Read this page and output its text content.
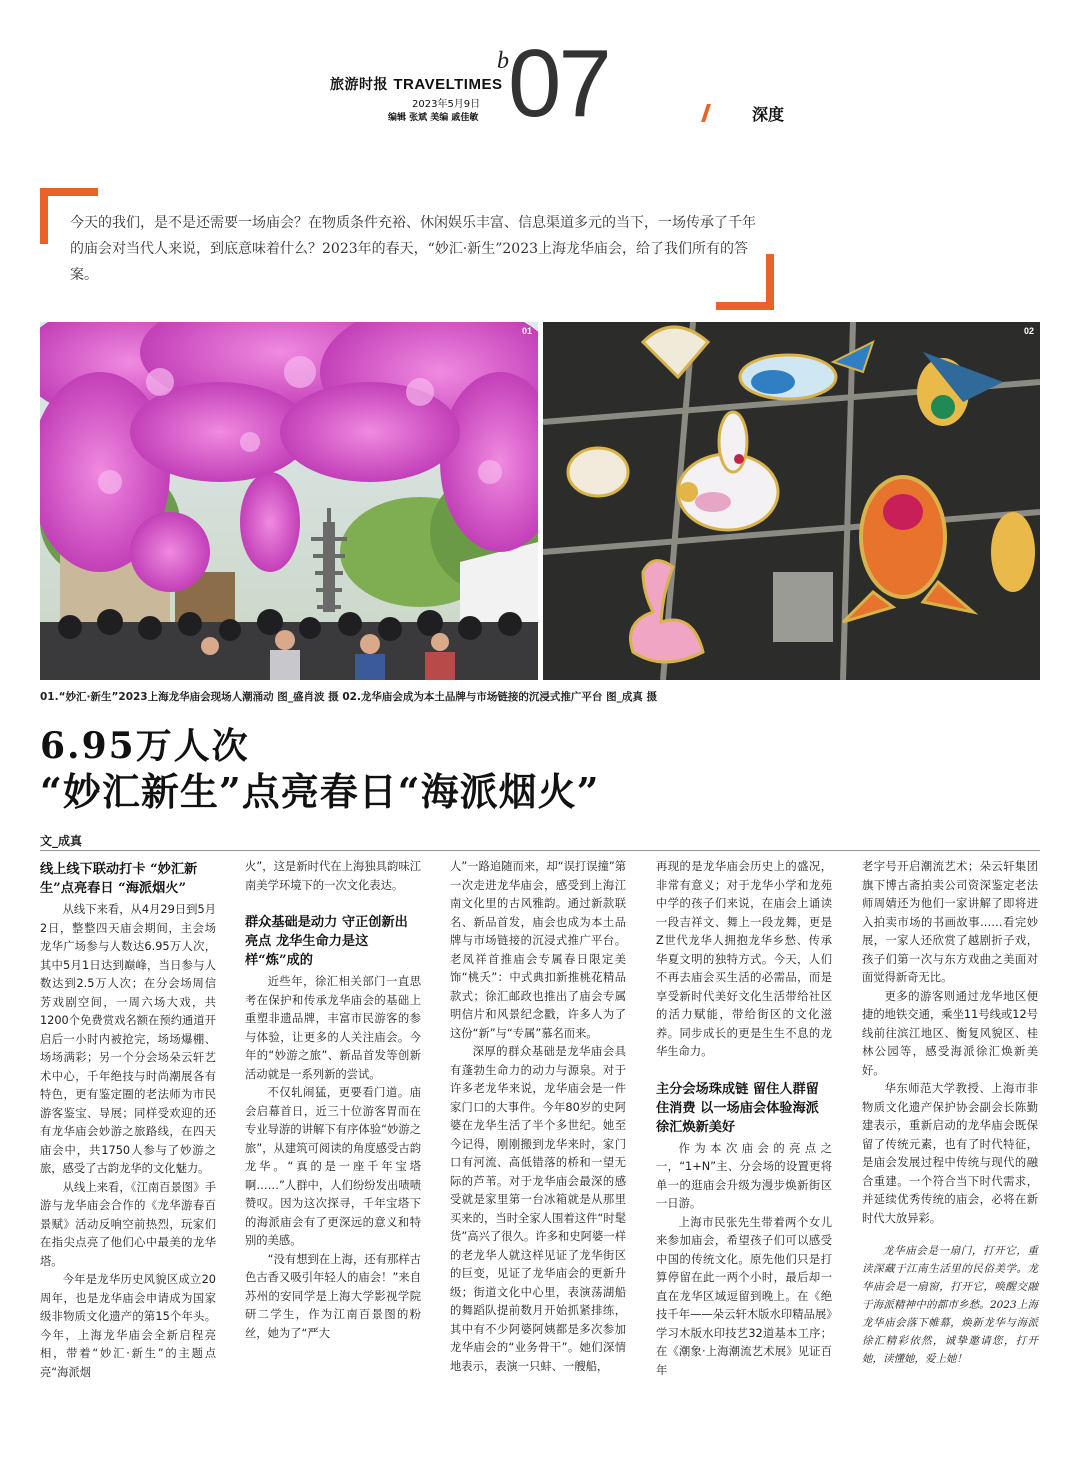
旅游时报 TRAVELTIMES
2023年5月9日
编辑 张斌 美编 戚佳敏
b 07	深度
今天的我们，是不是还需要一场庙会？在物质条件充裕、休闲娱乐丰富、信息渠道多元的当下，一场传承了千年的庙会对当代人来说，到底意味着什么？2023年的春天，“妙汇·新生”2023上海龙华庙会，给了我们所有的答案。
01	02
01.“妙汇·新生”2023上海龙华庙会现场人潮涌动 图_盛肖波 摄 02.龙华庙会成为本土品牌与市场链接的沉浸式推广平台 图_成真 摄
6.95万人次
“妙汇新生”点亮春日“海派烟火”
文_成真
线上线下联动打卡 “妙汇新生”点亮春日 “海派烟火”

从线下来看，从4月29日到5月2日，整整四天庙会期间，主会场龙华广场参与人数达6.95万人次，其中5月1日达到巅峰，当日参与人数达到2.5万人次；在分会场周信芳戏剧空间，一周六场大戏，共1200个免费赏戏名额在预约通道开启后一小时内被抢完，场场爆棚、场场满彩；另一个分会场朵云轩艺术中心，千年绝技与时尚潮展各有特色，更有鉴定圈的老法师为市民游客鉴宝、导展；同样受欢迎的还有龙华庙会妙游之旅路线，在四天庙会中，共1750人参与了妙游之旅，感受了古韵龙华的文化魅力。

从线上来看，《江南百景图》手游与龙华庙会合作的《龙华游春百景赋》活动反响空前热烈，玩家们在指尖点亮了他们心中最美的龙华塔。

今年是龙华历史风貌区成立20周年，也是龙华庙会申请成为国家级非物质文化遗产的第15个年头。今年，上海龙华庙会全新启程亮相，带着“妙汇·新生”的主题点亮“海派烟

火”，这是新时代在上海独具韵味江南美学环境下的一次文化表达。

群众基础是动力 守正创新出亮点 龙华生命力是这样“炼”成的

近些年，徐汇相关部门一直思考在保护和传承龙华庙会的基础上重塑非遗品牌，丰富市民游客的参与体验，让更多的人关注庙会。今年的“妙游之旅”、新品首发等创新活动就是一系列新的尝试。

不仅轧闹猛，更要看门道。庙会启幕首日，近三十位游客胃而在专业导游的讲解下有序体验“妙游之旅”，从建筑可阅读的角度感受古韵龙华。“真的是一座千年宝塔啊……”人群中，人们纷纷发出啧啧赞叹。因为这次探寻，千年宝塔下的海派庙会有了更深远的意义和特别的美感。

“没有想到在上海，还有那样古色古香又吸引年轻人的庙会！”来自苏州的安同学是上海大学影视学院研二学生，作为江南百景图的粉丝，她为了“严大

人”一路追随而来，却“误打误撞”第一次走进龙华庙会，感受到上海江南文化里的古风雅韵。通过新款联名、新品首发，庙会也成为本土品牌与市场链接的沉浸式推广平台。老凤祥首推庙会专属春日限定美饰“桃夭”：中式典扣新推桃花精品款式；徐汇邮政也推出了庙会专属明信片和风景纪念戳，许多人为了这份“新”与“专属”慕名而来。

深厚的群众基础是龙华庙会具有蓬勃生命力的动力与源泉。对于许多老龙华来说，龙华庙会是一件家门口的大事件。今年80岁的史阿婆在龙华生活了半个多世纪。她至今记得，刚刚搬到龙华来时，家门口有河流、高低错落的桥和一望无际的芦苇。对于龙华庙会最深的感受就是家里第一台冰箱就是从那里买来的，当时全家人围着这件“时髦货”高兴了很久。许多和史阿婆一样的老龙华人就这样见证了龙华街区的巨变，见证了龙华庙会的更新升级；街道文化中心里，表演荡湖船的舞蹈队提前数月开始抓紧排练，其中有不少阿婆阿姨都是多次参加龙华庙会的“业务骨干”。她们深情地表示，表演一只蚌、一艘船，

再现的是龙华庙会历史上的盛况，非常有意义；对于龙华小学和龙苑中学的孩子们来说，在庙会上诵读一段吉祥文、舞上一段龙舞，更是Z世代龙华人拥抱龙华乡愁、传承华夏文明的独特方式。今天，人们不再去庙会买生活的必需品，而是享受新时代美好文化生活带给社区的活力赋能，带给街区的文化滋养。同步成长的更是生生不息的龙华生命力。

主分会场珠成链 留住人群留住消费 以一场庙会体验海派徐汇焕新美好

作为本次庙会的亮点之一，“1+N”主、分会场的设置更将单一的逛庙会升级为漫步焕新街区一日游。

上海市民张先生带着两个女儿来参加庙会，希望孩子们可以感受中国的传统文化。原先他们只是打算停留在此一两个小时，最后却一直在龙华区域逗留到晚上。在《绝技千年——朵云轩木版水印精品展》学习木版水印技艺32道基本工序；在《潮象·上海潮流艺术展》见证百年

老字号开启潮流艺术；朵云轩集团旗下博古斋拍卖公司资深鉴定老法师周婧还为他们一家讲解了即将进入拍卖市场的书画故事……看完妙展，一家人还欣赏了越剧折子戏，孩子们第一次与东方戏曲之美面对面觉得新奇无比。

更多的游客则通过龙华地区便捷的地铁交通，乘坐11号线或12号线前往滨江地区、衡复风貌区、桂林公园等，感受海派徐汇焕新美好。

华东师范大学教授、上海市非物质文化遗产保护协会副会长陈勤建表示，重新启动的龙华庙会既保留了传统元素，也有了时代特征，是庙会发展过程中传统与现代的融合重建。一个符合当下时代需求，并延续优秀传统的庙会，必将在新时代大放异彩。

龙华庙会是一扇门，打开它，重读深藏于江南生活里的民俗美学。龙华庙会是一扇窗，打开它，唤醒交融于海派精神中的都市乡愁。2023上海龙华庙会落下帷幕，焕新龙华与海派徐汇精彩依然，诚挚邀请您，打开她，读懂她，爱上她！
